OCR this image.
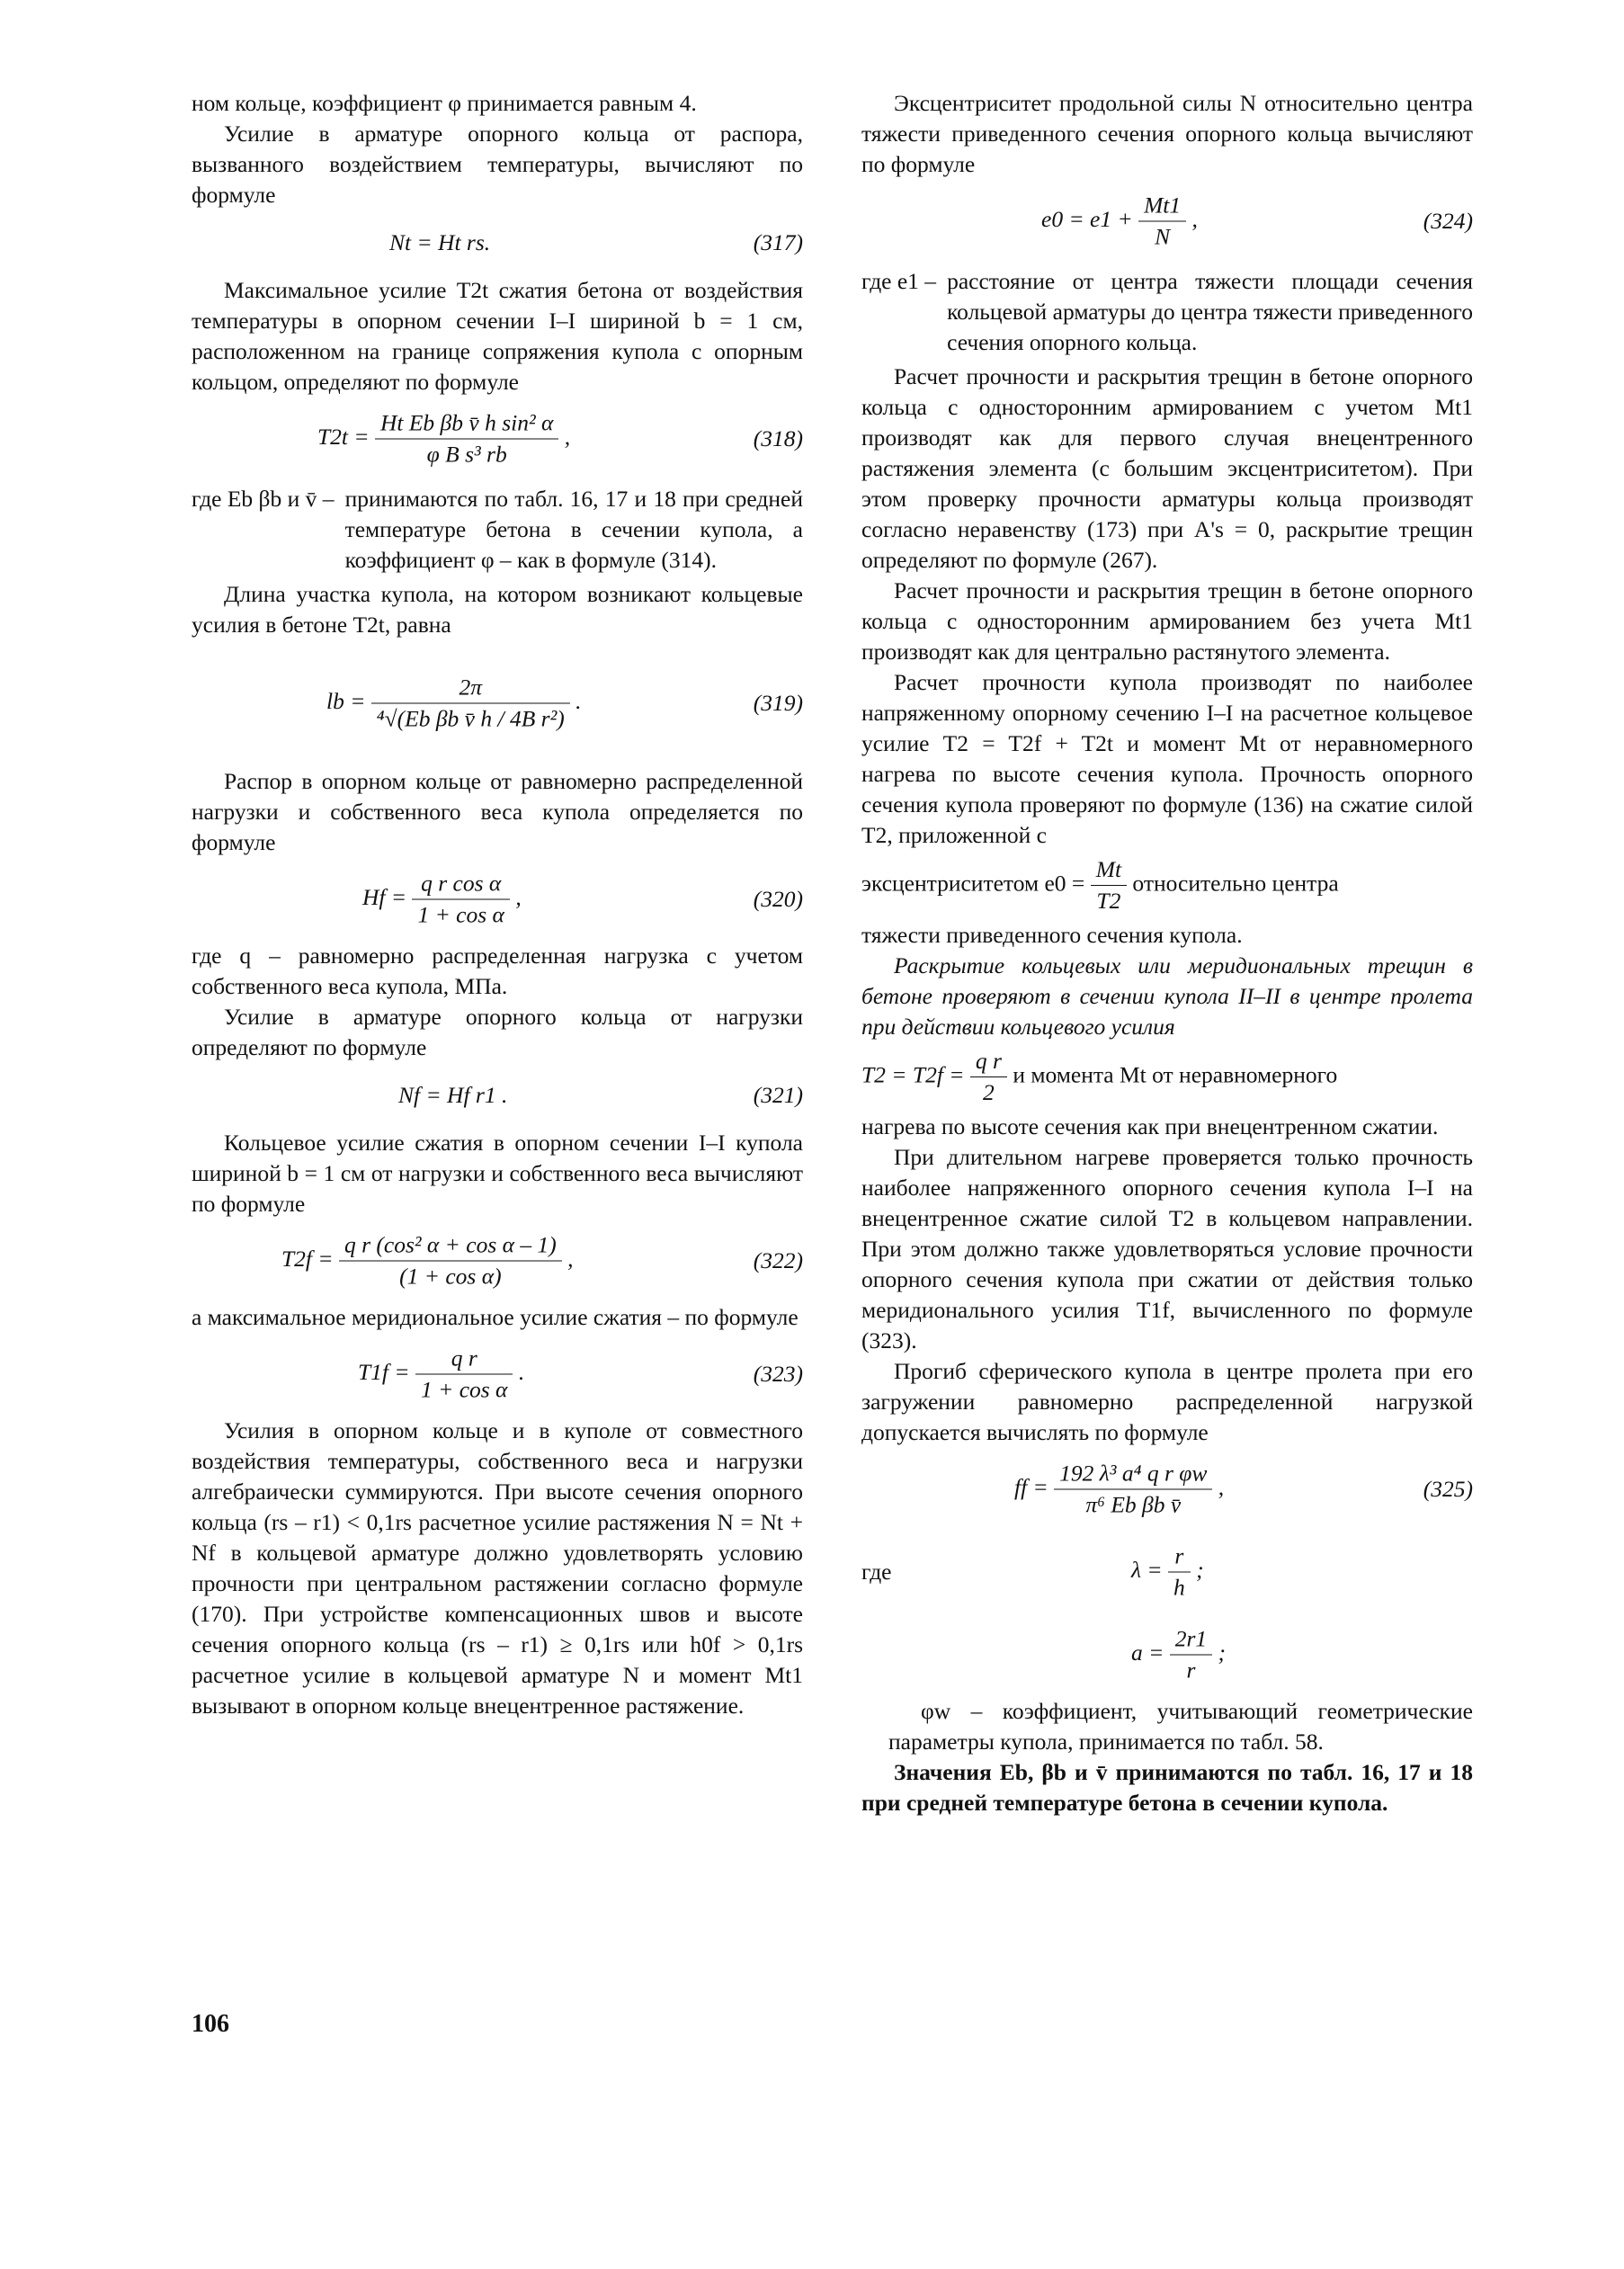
ном кольце, коэффициент φ принимается равным 4.

Усилие в арматуре опорного кольца от распора, вызванного воздействием температуры, вычисляют по формуле

Nt = Ht rs.	(317)

Максимальное усилие T2t сжатия бетона от воздействия температуры в опорном сечении I–I шириной b = 1 см, расположенном на границе сопряжения купола с опорным кольцом, определяют по формуле

$T2t = \frac{\text{Ht Eb βb v̄ h sin² α}}{\text{φ B s³ rb}}$ ,	(318)
где Eb βb и v̄ – принимаются по табл. 16, 17 и 18 при средней температуре бетона в сечении купола, а коэффициент φ – как в формуле (314).

Длина участка купола, на котором возникают кольцевые усилия в бетоне T2t, равна

lb = $\frac{2\pi}{\text{⁴√(Eb βb v̄ h / 4B r²)}}$ .	(319)

Распор в опорном кольце от равномерно распределенной нагрузки и собственного веса купола определяется по формуле

$Hf = \frac{\text{q r cos α}}{\text{1 + cos α}}$ ,	(320)

где q – равномерно распределенная нагрузка с учетом собственного веса купола, МПа.

Усилие в арматуре опорного кольца от нагрузки определяют по формуле

Nf = Hf r1 .	(321)

Кольцевое усилие сжатия в опорном сечении I–I купола шириной b = 1 см от нагрузки и собственного веса вычисляют по формуле

$T2f = \frac{\text{q r (cos² α + cos α – 1)}}{\text{(1 + cos α)}}$ ,	(322)

а максимальное меридиональное усилие сжатия – по формуле

$T1f = \frac{\text{q r}}{\text{1 + cos α}}$ .	(323)

Усилия в опорном кольце и в куполе от совместного воздействия температуры, собственного веса и нагрузки алгебраически суммируются. При высоте сечения опорного кольца (rs – r1) < 0,1rs расчетное усилие растяжения N = Nt + Nf в кольцевой арматуре должно удовлетворять условию прочности при центральном растяжении согласно формуле (170). При устройстве компенсационных швов и высоте сечения опорного кольца (rs – r1) ≥ 0,1rs или h0f > 0,1rs расчетное усилие в кольцевой арматуре N и момент Mt1 вызывают в опорном кольце внецентренное растяжение.

Эксцентриситет продольной силы N относительно центра тяжести приведенного сечения опорного кольца вычисляют по формуле

$e0 = e1 + \frac{Mt1}{N}$ ,	(324)
где e1 – расстояние от центра тяжести площади сечения кольцевой арматуры до центра тяжести приведенного сечения опорного кольца.

Расчет прочности и раскрытия трещин в бетоне опорного кольца с односторонним армированием с учетом Mt1 производят как для первого случая внецентренного растяжения элемента (с большим эксцентриситетом). При этом проверку прочности арматуры кольца производят согласно неравенству (173) при A's = 0, раскрытие трещин определяют по формуле (267).

Расчет прочности и раскрытия трещин в бетоне опорного кольца с односторонним армированием без учета Mt1 производят как для центрально растянутого элемента.

Расчет прочности купола производят по наиболее напряженному опорному сечению I–I на расчетное кольцевое усилие T2 = T2f + T2t и момент Mt от неравномерного нагрева по высоте сечения купола. Прочность опорного сечения купола проверяют по формуле (136) на сжатие силой T2, приложенной с

эксцентриситетом $e0 = \frac{Mt}{T2}$ относительно центра

тяжести приведенного сечения купола.

Раскрытие кольцевых или меридиональных трещин в бетоне проверяют в сечении купола II–II в центре пролета при действии кольцевого усилия

$T2 = T2f = \frac{\text{q r}}{2}$ и момента Mt от неравномерного

нагрева по высоте сечения как при внецентренном сжатии.

При длительном нагреве проверяется только прочность наиболее напряженного опорного сечения купола I–I на внецентренное сжатие силой T2 в кольцевом направлении. При этом должно также удовлетворяться условие прочности опорного сечения купола при сжатии от действия только меридионального усилия T1f, вычисленного по формуле (323).

Прогиб сферического купола в центре пролета при его загружении равномерно распределенной нагрузкой допускается вычислять по формуле

ff = $\frac{\text{192 λ³ a⁴ q r φw}}{\text{π⁶ Eb βb v̄}}$ ,	(325)
где	$\lambda = \frac{r}{h}$ ;
$a = \frac{2r1}{r}$ ;

φw – коэффициент, учитывающий геометрические параметры купола, принимается по табл. 58.

Значения Eb, βb и v̄ принимаются по табл. 16, 17 и 18 при средней температуре бетона в сечении купола.

106
